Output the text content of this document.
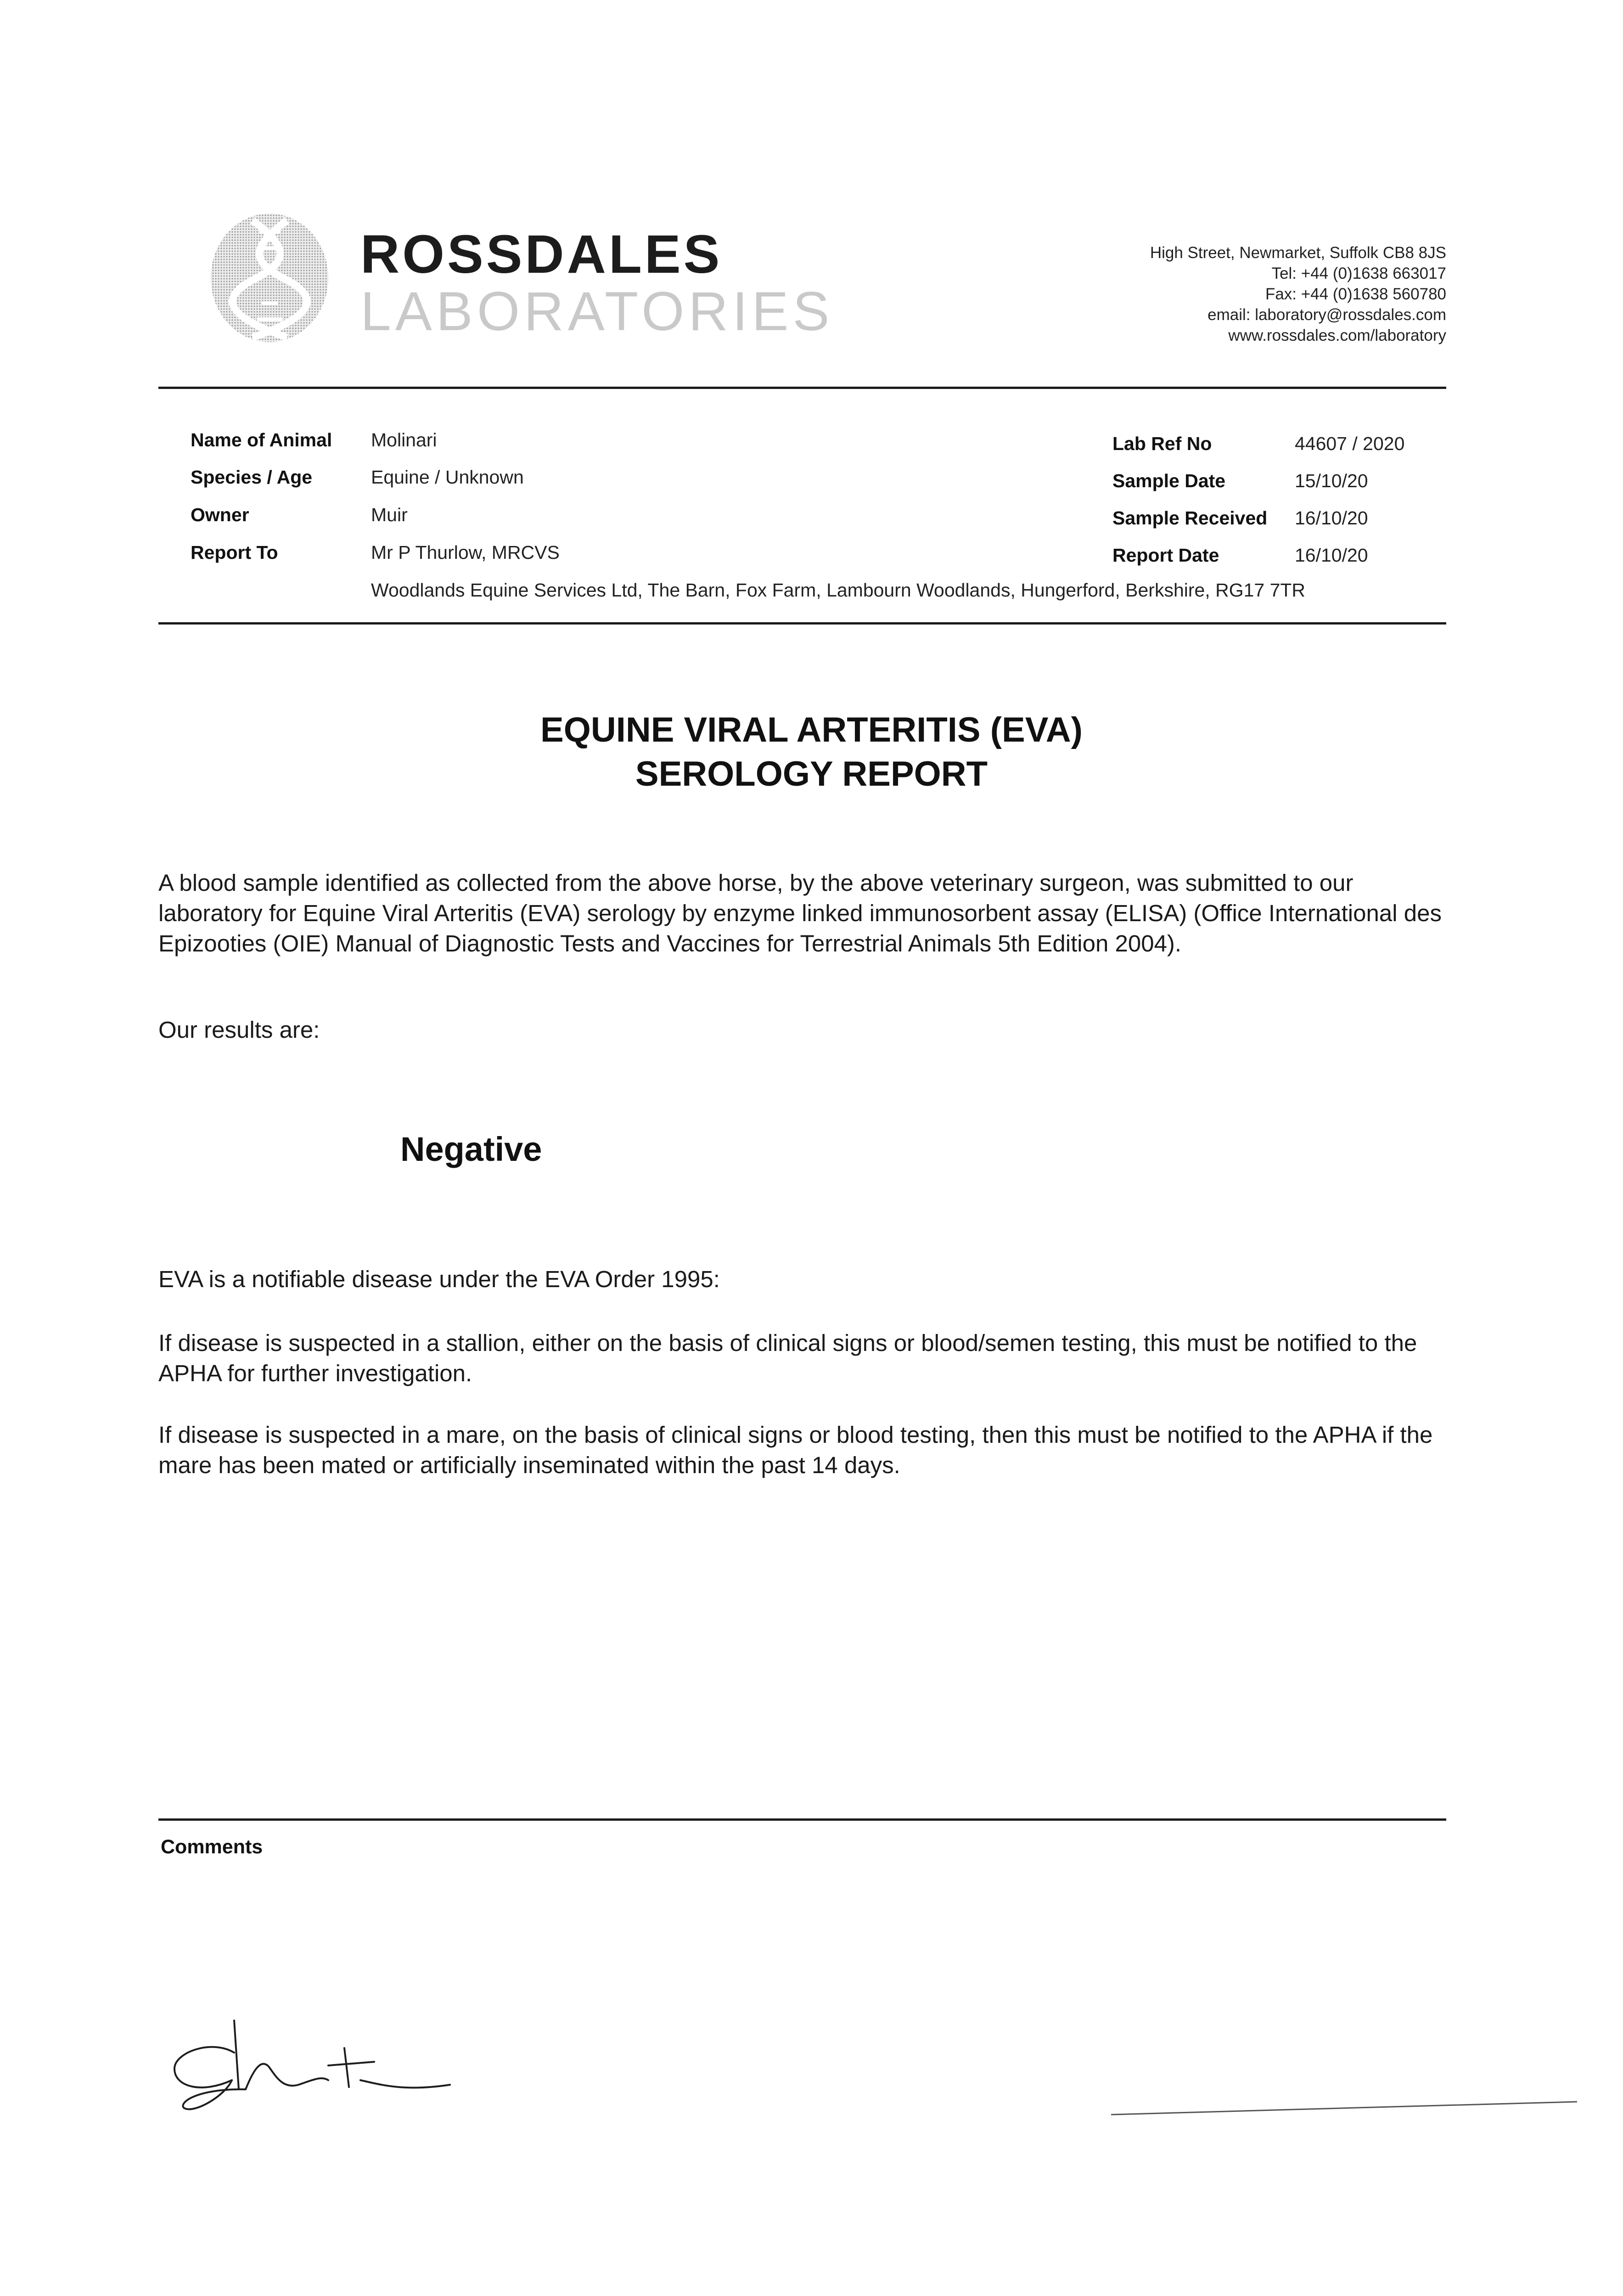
ROSSDALES
LABORATORIES
High Street, Newmarket, Suffolk CB8 8JS
Tel: +44 (0)1638 663017
Fax: +44 (0)1638 560780
email: laboratory@rossdales.com
www.rossdales.com/laboratory
Name of Animal Molinari
Species / Age	Equine / Unknown
Owner	Muir
Report To	Mr P Thurlow, MRCVS
Woodlands Equine Services Ltd, The Barn, Fox Farm, Lambourn Woodlands, Hungerford, Berkshire, RG17 7TR
Lab Ref No	44607 / 2020
Sample Date	15/10/20
Sample Received 16/10/20
Report Date	16/10/20
EQUINE VIRAL ARTERITIS (EVA)
SEROLOGY REPORT
A blood sample identified as collected from the above horse, by the above veterinary surgeon, was submitted to our laboratory for Equine Viral Arteritis (EVA) serology by enzyme linked immunosorbent assay (ELISA) (Office International des Epizooties (OIE) Manual of Diagnostic Tests and Vaccines for Terrestrial Animals 5th Edition 2004).
Our results are:
Negative
EVA is a notifiable disease under the EVA Order 1995:
If disease is suspected in a stallion, either on the basis of clinical signs or blood/semen testing, this must be notified to the APHA for further investigation.
If disease is suspected in a mare, on the basis of clinical signs or blood testing, then this must be notified to the APHA if the mare has been mated or artificially inseminated within the past 14 days.
Comments
